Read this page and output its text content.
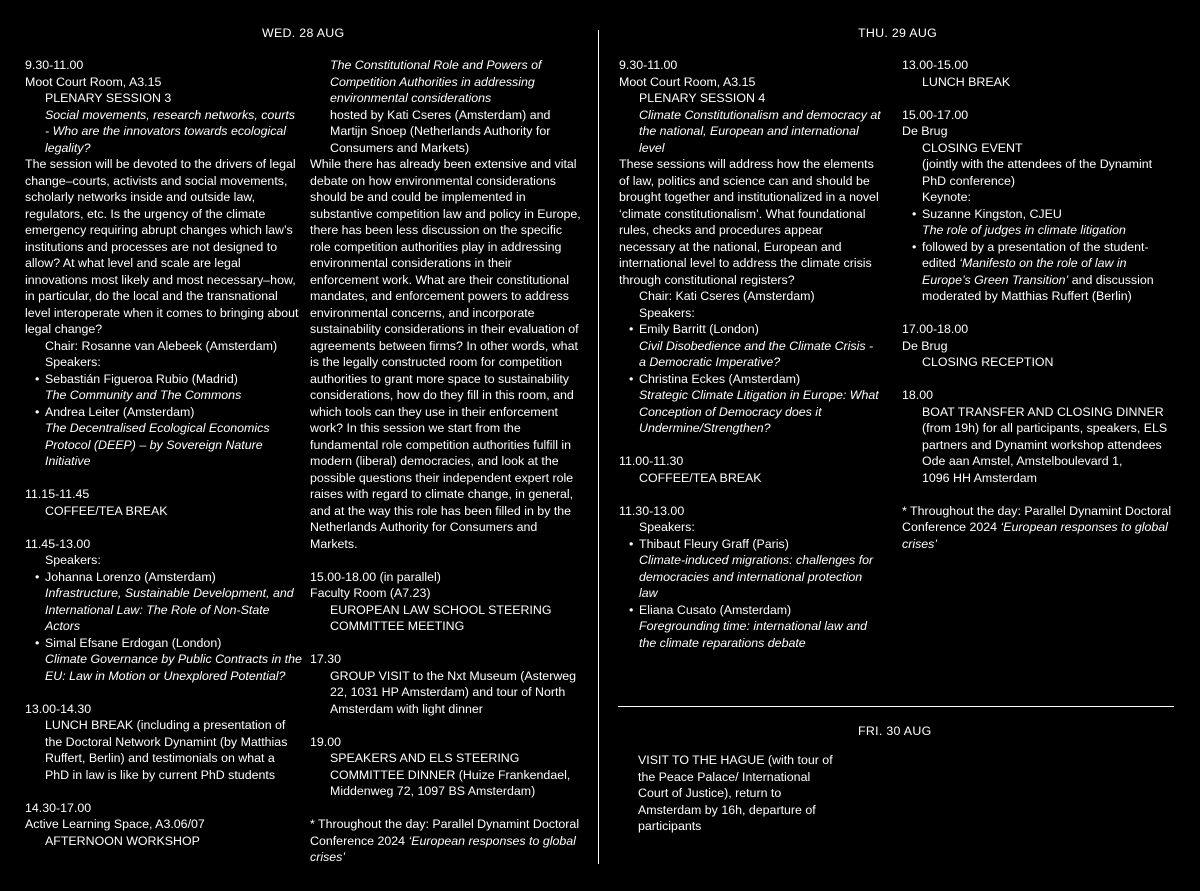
WED. 28 AUG	THU. 29 AUG
FRI. 30 AUG
9.30-11.00
Moot Court Room, A3.15
PLENARY SESSION 3
Social movements, research networks, courts - Who are the innovators towards ecological legality?
The session will be devoted to the drivers of legal change–courts, activists and social movements, scholarly networks inside and outside law, regulators, etc. Is the urgency of the climate emergency requiring abrupt changes which law’s institutions and processes are not designed to allow? At what level and scale are legal innovations most likely and most necessary–how, in particular, do the local and the transnational level interoperate when it comes to bringing about legal change?
Chair: Rosanne van Alebeek (Amsterdam)
Speakers:
• Sebastián Figueroa Rubio (Madrid)
The Community and The Commons
• Andrea Leiter (Amsterdam)
The Decentralised Ecological Economics Protocol (DEEP) – by Sovereign Nature Initiative
11.15-11.45
COFFEE/TEA BREAK
11.45-13.00
Speakers:
• Johanna Lorenzo (Amsterdam)
Infrastructure, Sustainable Development, and International Law: The Role of Non-State Actors
• Simal Efsane Erdogan (London)
Climate Governance by Public Contracts in the EU: Law in Motion or Unexplored Potential?
13.00-14.30
LUNCH BREAK (including a presentation of the Doctoral Network Dynamint (by Matthias Ruffert, Berlin) and testimonials on what a PhD in law is like by current PhD students
14.30-17.00
Active Learning Space, A3.06/07
AFTERNOON WORKSHOP
The Constitutional Role and Powers of Competition Authorities in addressing environmental considerations
hosted by Kati Cseres (Amsterdam) and Martijn Snoep (Netherlands Authority for Consumers and Markets)
While there has already been extensive and vital debate on how environmental considerations should be and could be implemented in substantive competition law and policy in Europe, there has been less discussion on the specific role competition authorities play in addressing environmental considerations in their enforcement work. What are their constitutional mandates, and enforcement powers to address environmental concerns, and incorporate sustainability considerations in their evaluation of agreements between firms? In other words, what is the legally constructed room for competition authorities to grant more space to sustainability considerations, how do they fill in this room, and which tools can they use in their enforcement work? In this session we start from the fundamental role competition authorities fulfill in modern (liberal) democracies, and look at the possible questions their independent expert role raises with regard to climate change, in general, and at the way this role has been filled in by the Netherlands Authority for Consumers and Markets.
15.00-18.00 (in parallel)
Faculty Room (A7.23)
EUROPEAN LAW SCHOOL STEERING COMMITTEE MEETING
17.30
GROUP VISIT to the Nxt Museum (Asterweg 22, 1031 HP Amsterdam) and tour of North Amsterdam with light dinner
19.00
SPEAKERS AND ELS STEERING COMMITTEE DINNER (Huize Frankendael, Middenweg 72, 1097 BS Amsterdam)
* Throughout the day: Parallel Dynamint Doctoral Conference 2024 ‘European responses to global crises’
9.30-11.00
Moot Court Room, A3.15
PLENARY SESSION 4
Climate Constitutionalism and democracy at the national, European and international level
These sessions will address how the elements of law, politics and science can and should be brought together and institutionalized in a novel ‘climate constitutionalism’. What foundational rules, checks and procedures appear necessary at the national, European and international level to address the climate crisis through constitutional registers?
Chair: Kati Cseres (Amsterdam)
Speakers:
• Emily Barritt (London)
Civil Disobedience and the Climate Crisis - a Democratic Imperative?
• Christina Eckes (Amsterdam)
Strategic Climate Litigation in Europe: What Conception of Democracy does it Undermine/Strengthen?
11.00-11.30
COFFEE/TEA BREAK
11.30-13.00
Speakers:
• Thibaut Fleury Graff (Paris)
Climate-induced migrations: challenges for democracies and international protection law
• Eliana Cusato (Amsterdam)
Foregrounding time: international law and the climate reparations debate
13.00-15.00
LUNCH BREAK
15.00-17.00
De Brug
CLOSING EVENT
(jointly with the attendees of the Dynamint PhD conference)
Keynote:
• Suzanne Kingston, CJEU
The role of judges in climate litigation
• followed by a presentation of the student-edited ‘Manifesto on the role of law in Europe’s Green Transition’ and discussion moderated by Matthias Ruffert (Berlin)
17.00-18.00
De Brug
CLOSING RECEPTION
18.00
BOAT TRANSFER AND CLOSING DINNER (from 19h) for all participants, speakers, ELS partners and Dynamint workshop attendees
Ode aan Amstel, Amstelboulevard 1,
1096 HH Amsterdam
* Throughout the day: Parallel Dynamint Doctoral Conference 2024 ‘European responses to global crises’
VISIT TO THE HAGUE (with tour of the Peace Palace/ International Court of Justice), return to Amsterdam by 16h, departure of participants
